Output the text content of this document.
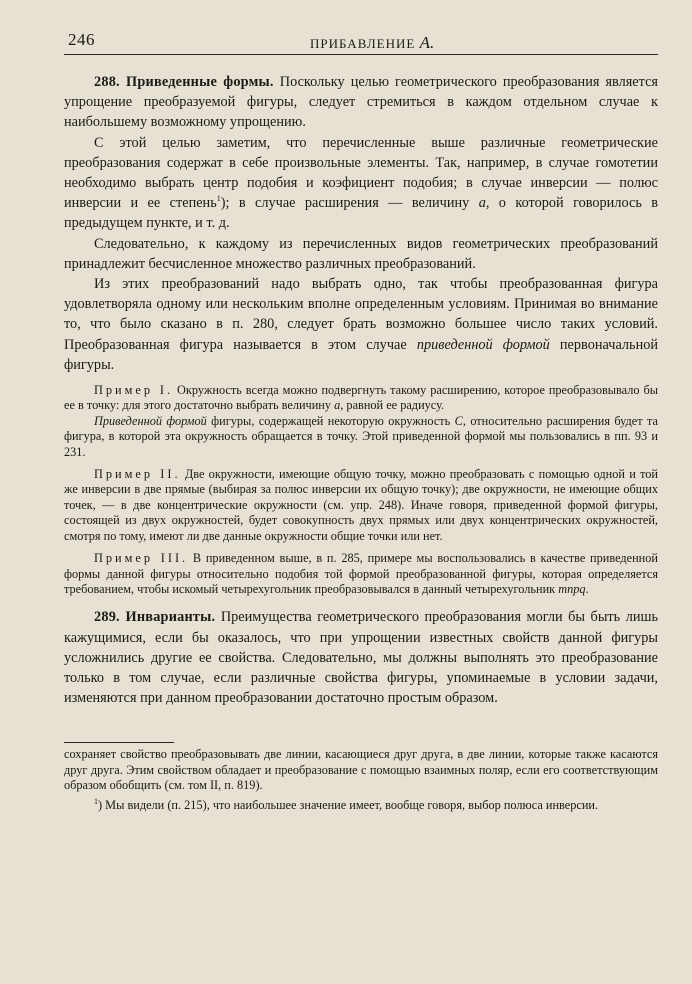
246	ПРИБАВЛЕНИЕ А.

288. Приведенные формы. Поскольку целью геометрического преобразования является упрощение преобразуемой фигуры, следует стремиться в каждом отдельном случае к наибольшему возможному упрощению.

С этой целью заметим, что перечисленные выше различные геометрические преобразования содержат в себе произвольные элементы. Так, например, в случае гомотетии необходимо выбрать центр подобия и коэфициент подобия; в случае инверсии — полюс инверсии и ее степень$^1$); в случае расширения — величину a, о которой говорилось в предыдущем пункте, и т. д.

Следовательно, к каждому из перечисленных видов геометрических преобразований принадлежит бесчисленное множество различных преобразований.

Из этих преобразований надо выбрать одно, так чтобы преобразованная фигура удовлетворяла одному или нескольким вполне определенным условиям. Принимая во внимание то, что было сказано в п. 280, следует брать возможно большее число таких условий. Преобразованная фигура называется в этом случае приведенной формой первоначальной фигуры.

Пример I. Окружность всегда можно подвергнуть такому расширению, которое преобразовывало бы ее в точку: для этого достаточно выбрать величину a, равной ее радиусу.

Приведенной формой фигуры, содержащей некоторую окружность C, относительно расширения будет та фигура, в которой эта окружность обращается в точку. Этой приведенной формой мы пользовались в пп. 93 и 231.

Пример II. Две окружности, имеющие общую точку, можно преобразовать с помощью одной и той же инверсии в две прямые (выбирая за полюс инверсии их общую точку); две окружности, не имеющие общих точек, — в две концентрические окружности (см. упр. 248). Иначе говоря, приведенной формой фигуры, состоящей из двух окружностей, будет совокупность двух прямых или двух концентрических окружностей, смотря по тому, имеют ли две данные окружности общие точки или нет.

Пример III. В приведенном выше, в п. 285, примере мы воспользовались в качестве приведенной формы данной фигуры относительно подобия той формой преобразованной фигуры, которая определяется требованием, чтобы искомый четырехугольник преобразовывался в данный четырехугольник mnpq.

289. Инварианты. Преимущества геометрического преобразования могли бы быть лишь кажущимися, если бы оказалось, что при упрощении известных свойств данной фигуры усложнились другие ее свойства. Следовательно, мы должны выполнять это преобразование только в том случае, если различные свойства фигуры, упоминаемые в условии задачи, изменяются при данном преобразовании достаточно простым образом.

сохраняет свойство преобразовывать две линии, касающиеся друг друга, в две линии, которые также касаются друг друга. Этим свойством обладает и преобразование с помощью взаимных поляр, если его соответствующим образом обобщить (см. том II, п. 819).

$^1$) Мы видели (п. 215), что наибольшее значение имеет, вообще говоря, выбор полюса инверсии.
